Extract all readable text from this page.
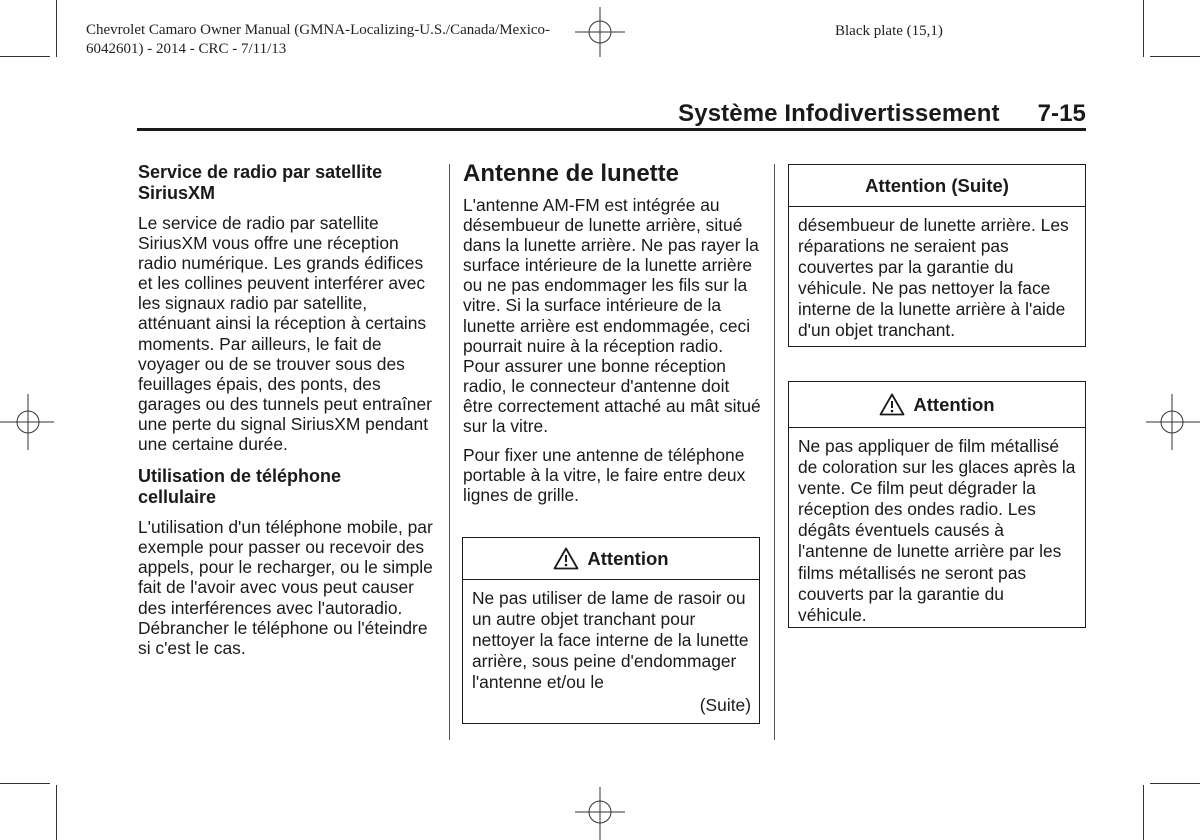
Chevrolet Camaro Owner Manual (GMNA-Localizing-U.S./Canada/Mexico-
6042601) - 2014 - CRC - 7/11/13
Black plate (15,1)
Système Infodivertissement 7-15

Service de radio par satellite SiriusXM

Le service de radio par satellite SiriusXM vous offre une réception radio numérique. Les grands édifices et les collines peuvent interférer avec les signaux radio par satellite, atténuant ainsi la réception à certains moments. Par ailleurs, le fait de voyager ou de se trouver sous des feuillages épais, des ponts, des garages ou des tunnels peut entraîner une perte du signal SiriusXM pendant une certaine durée.

Utilisation de téléphone cellulaire

L'utilisation d'un téléphone mobile, par exemple pour passer ou recevoir des appels, pour le recharger, ou le simple fait de l'avoir avec vous peut causer des interférences avec l'autoradio. Débrancher le téléphone ou l'éteindre si c'est le cas.

Antenne de lunette

L'antenne AM-FM est intégrée au désembueur de lunette arrière, situé dans la lunette arrière. Ne pas rayer la surface intérieure de la lunette arrière ou ne pas endommager les fils sur la vitre. Si la surface intérieure de la lunette arrière est endommagée, ceci pourrait nuire à la réception radio. Pour assurer une bonne réception radio, le connecteur d'antenne doit être correctement attaché au mât situé sur la vitre.

Pour fixer une antenne de téléphone portable à la vitre, le faire entre deux lignes de grille.

Attention
Ne pas utiliser de lame de rasoir ou un autre objet tranchant pour nettoyer la face interne de la lunette arrière, sous peine d'endommager l'antenne et/ou le
(Suite)
Attention (Suite)
désembueur de lunette arrière. Les réparations ne seraient pas couvertes par la garantie du véhicule. Ne pas nettoyer la face interne de la lunette arrière à l'aide d'un objet tranchant.
Attention
Ne pas appliquer de film métallisé de coloration sur les glaces après la vente. Ce film peut dégrader la réception des ondes radio. Les dégâts éventuels causés à l'antenne de lunette arrière par les films métallisés ne seront pas couverts par la garantie du véhicule.
